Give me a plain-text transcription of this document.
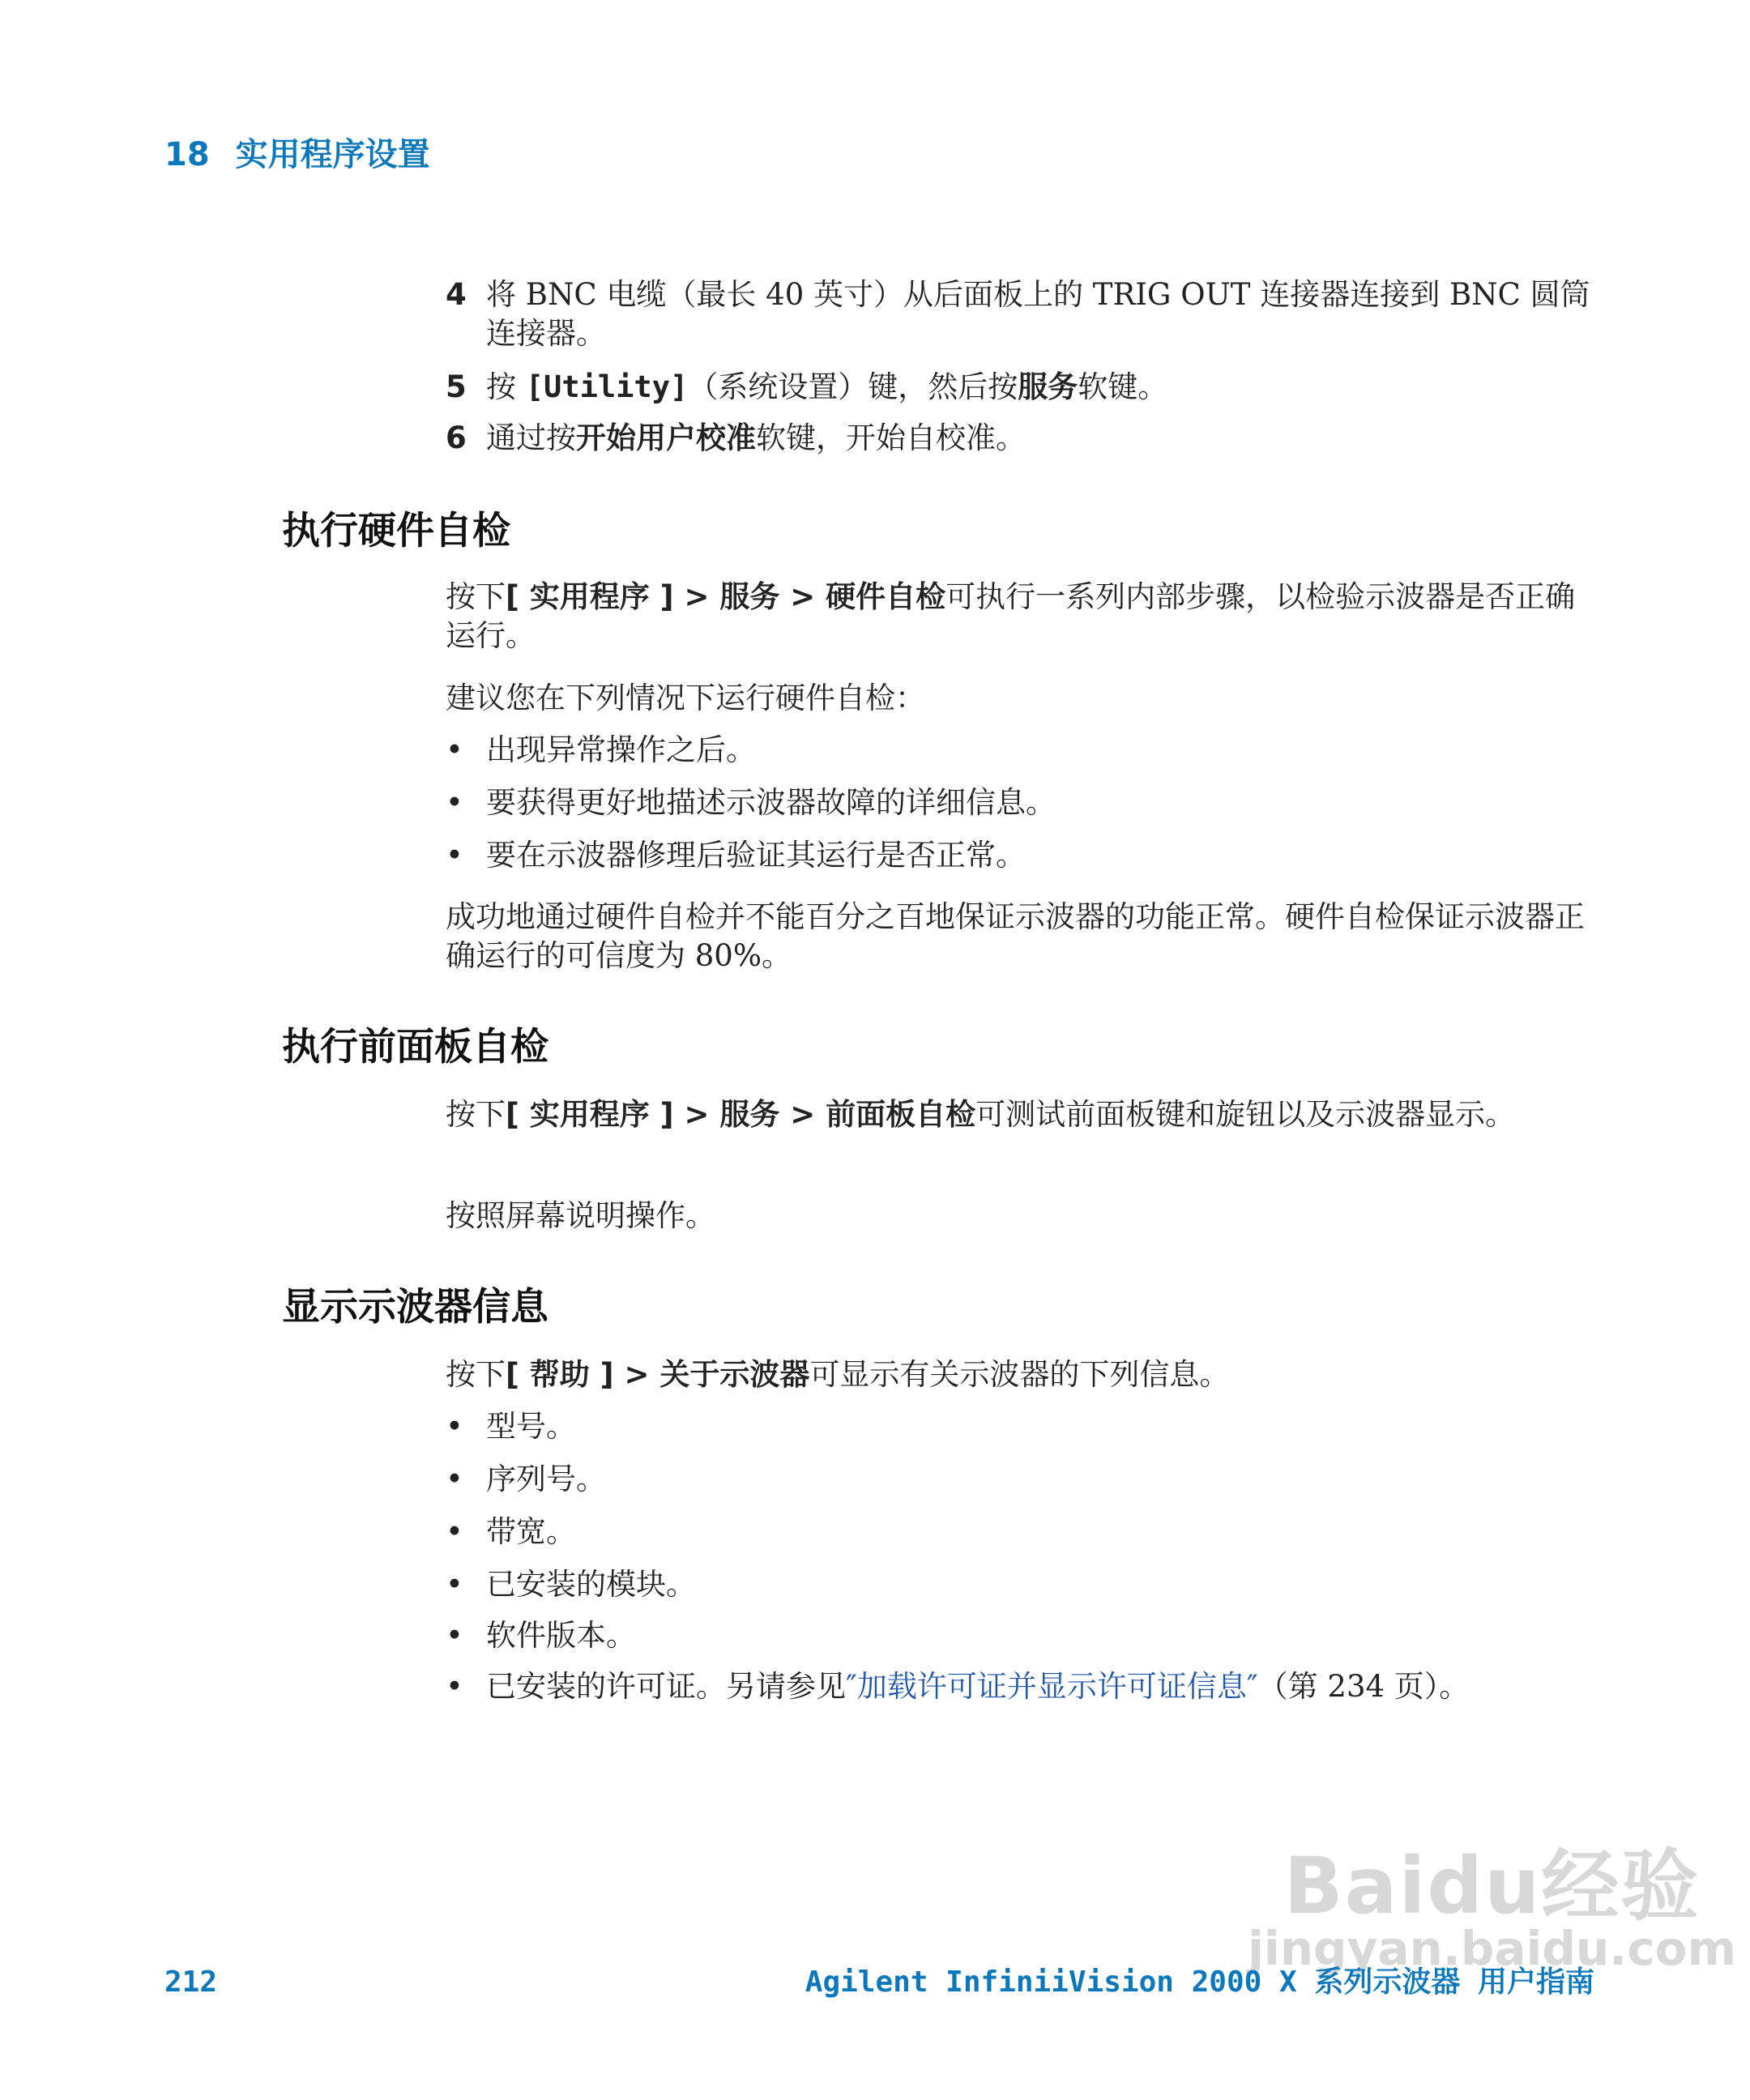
18 实用程序设置
4 将 BNC 电缆（最长 40 英寸）从后面板上的 TRIG OUT 连接器连接到 BNC 圆筒连接器。
5 按 [Utility]（系统设置）键，然后按服务软键。
6 通过按开始用户校准软键，开始自校准。
执行硬件自检
按下[ 实用程序 ] > 服务 > 硬件自检可执行一系列内部步骤，以检验示波器是否正确运行。
建议您在下列情况下运行硬件自检：
• 出现异常操作之后。
• 要获得更好地描述示波器故障的详细信息。
• 要在示波器修理后验证其运行是否正常。
成功地通过硬件自检并不能百分之百地保证示波器的功能正常。硬件自检保证示波器正确运行的可信度为 80%。
执行前面板自检
按下[ 实用程序 ] > 服务 > 前面板自检可测试前面板键和旋钮以及示波器显示。
按照屏幕说明操作。
显示示波器信息
按下[ 帮助 ] > 关于示波器可显示有关示波器的下列信息。
• 型号。
• 序列号。
• 带宽。
• 已安装的模块。
• 软件版本。
• 已安装的许可证。另请参见″加载许可证并显示许可证信息″（第 234 页）。
Baidu经验
jingyan.baidu.com
212	Agilent InfiniiVision 2000 X 系列示波器 用户指南
